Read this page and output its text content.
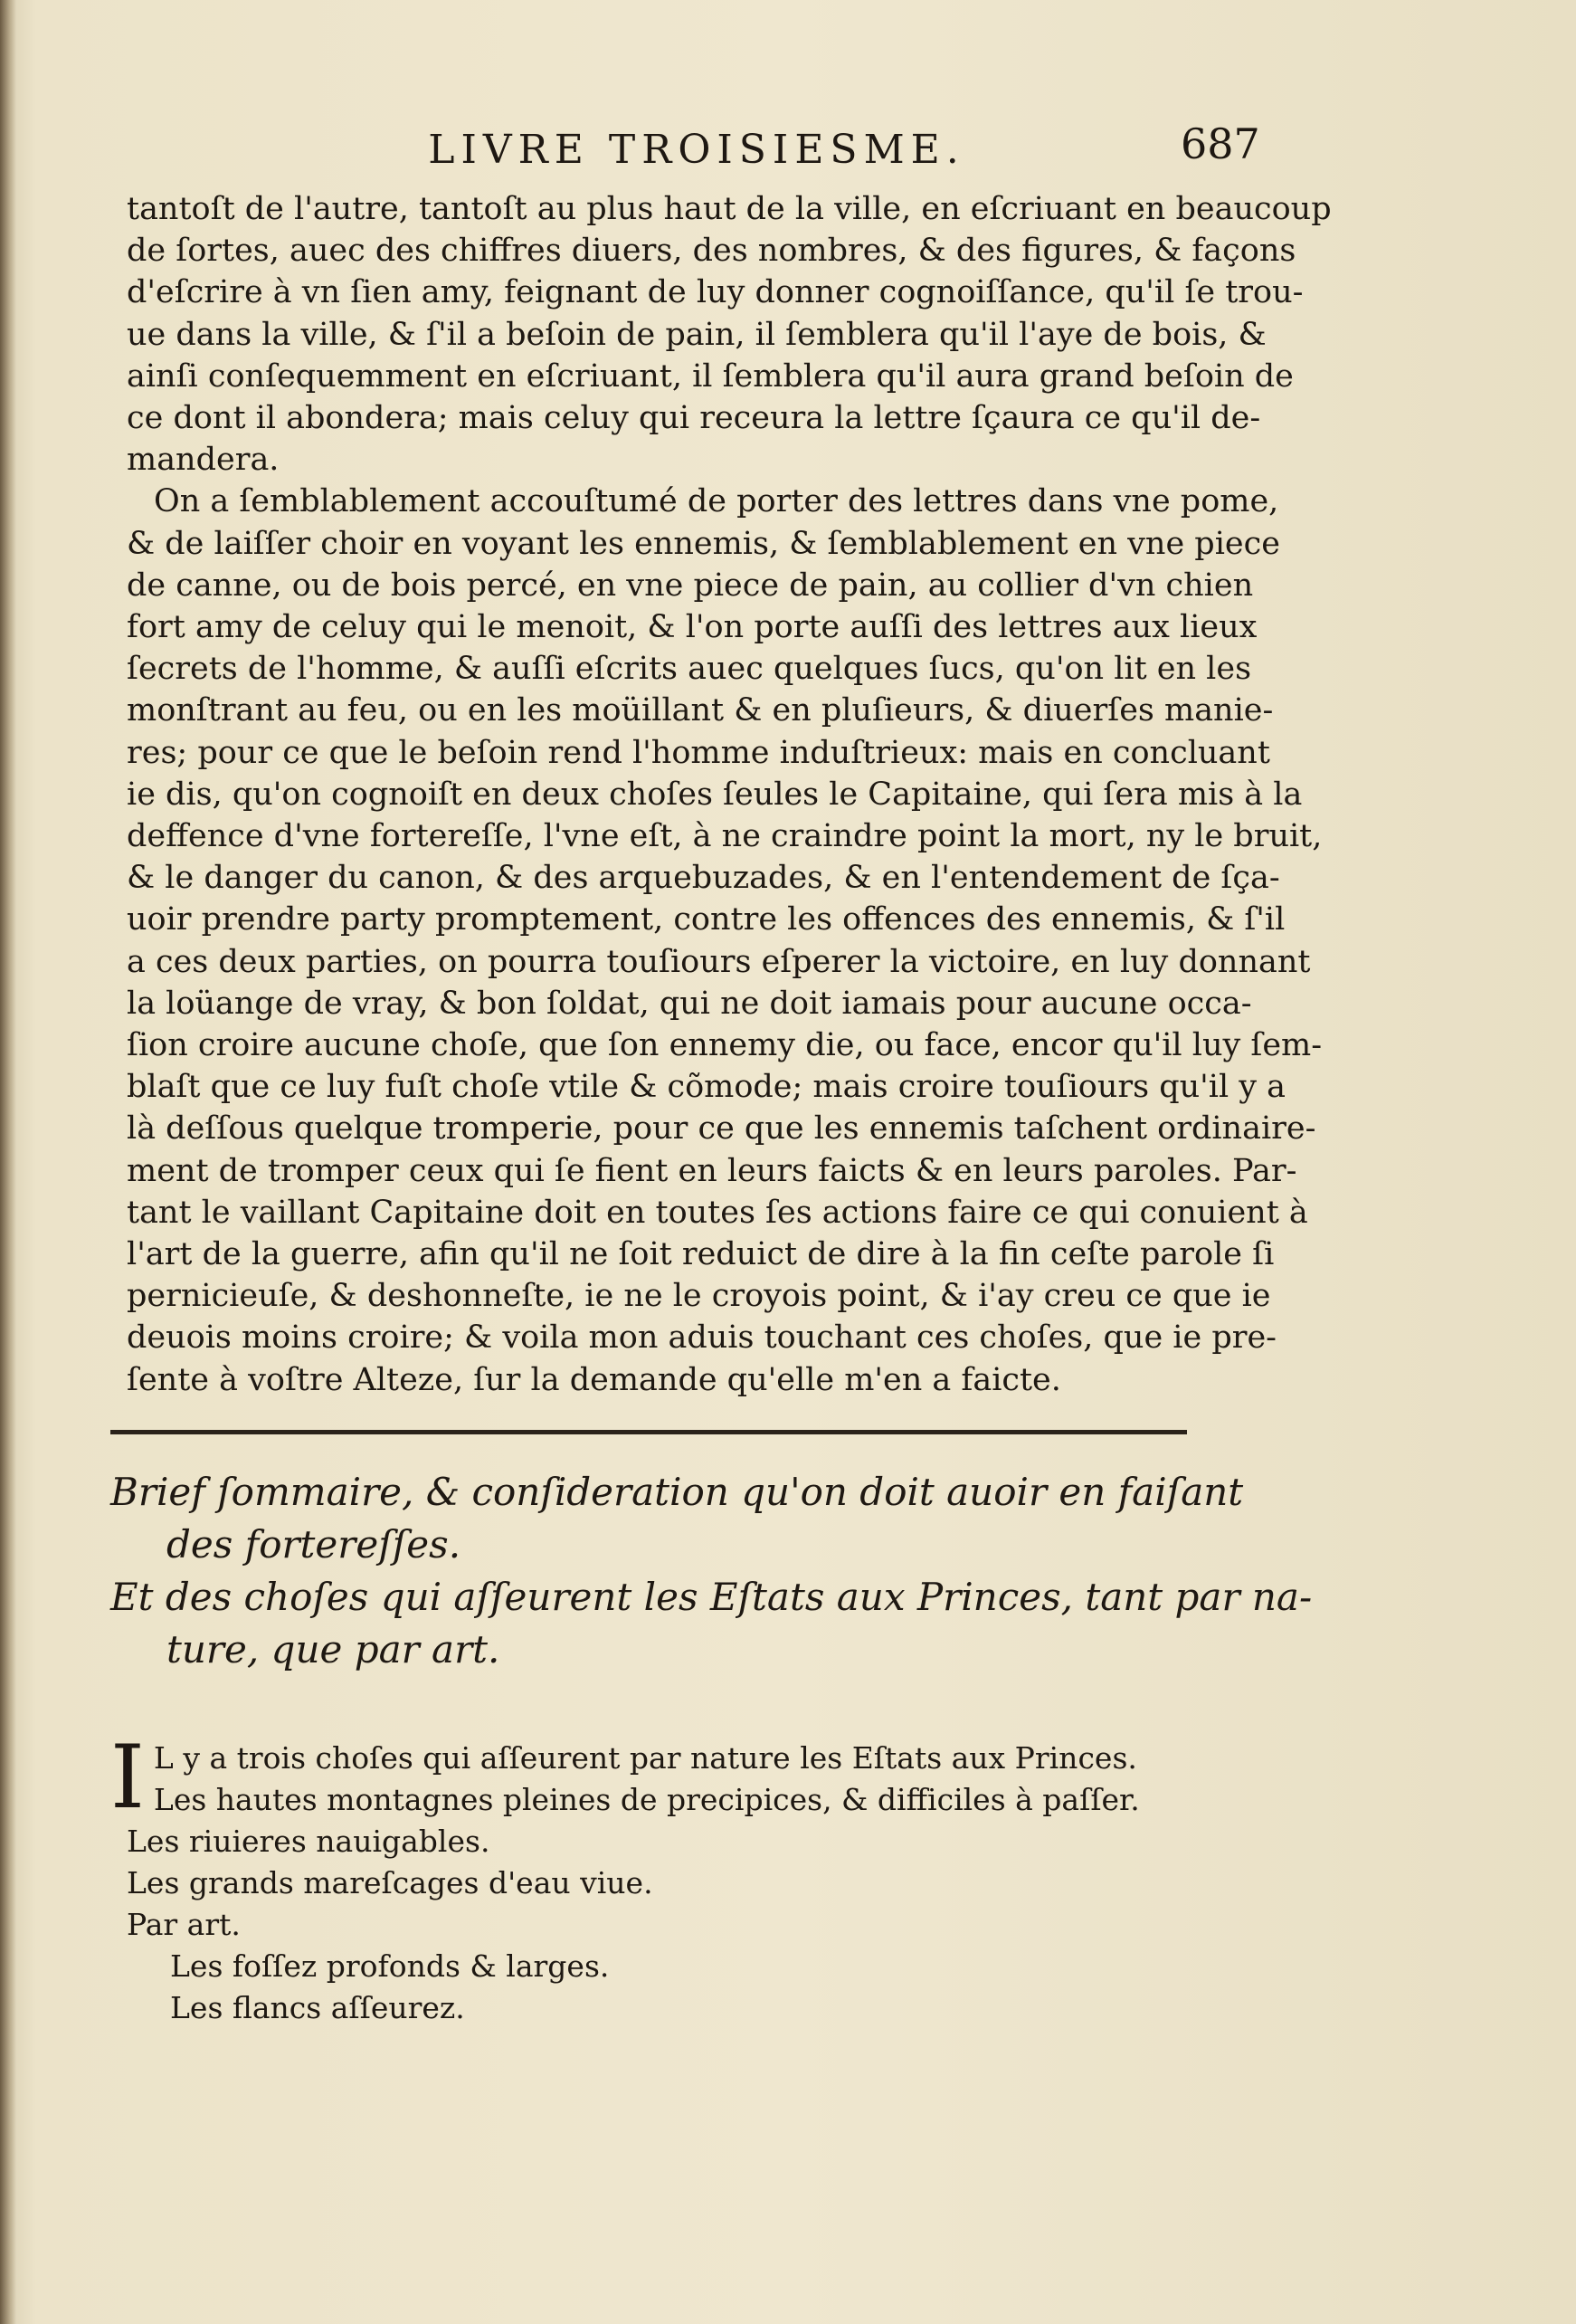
LIVRE TROISIESME.	687
tantoſt de l'autre, tantoſt au plus haut de la ville, en eſcriuant en beaucoup
de ſortes, auec des chiffres diuers, des nombres, & des figures, & façons
d'eſcrire à vn ſien amy, feignant de luy donner cognoiſſance, qu'il ſe trou-
ue dans la ville, & ſ'il a beſoin de pain, il ſemblera qu'il l'aye de bois, &
ainſi conſequemment en eſcriuant, il ſemblera qu'il aura grand beſoin de
ce dont il abondera; mais celuy qui receura la lettre ſçaura ce qu'il de-
mandera.
On a ſemblablement accouſtumé de porter des lettres dans vne pome,
& de laiſſer choir en voyant les ennemis, & ſemblablement en vne piece
de canne, ou de bois percé, en vne piece de pain, au collier d'vn chien
fort amy de celuy qui le menoit, & l'on porte auſſi des lettres aux lieux
ſecrets de l'homme, & auſſi eſcrits auec quelques ſucs, qu'on lit en les
monſtrant au feu, ou en les moüillant & en pluſieurs, & diuerſes manie-
res; pour ce que le beſoin rend l'homme induſtrieux: mais en concluant
ie dis, qu'on cognoiſt en deux choſes ſeules le Capitaine, qui ſera mis à la
deffence d'vne fortereſſe, l'vne eſt, à ne craindre point la mort, ny le bruit,
& le danger du canon, & des arquebuzades, & en l'entendement de ſça-
uoir prendre party promptement, contre les offences des ennemis, & ſ'il
a ces deux parties, on pourra touſiours eſperer la victoire, en luy donnant
la loüange de vray, & bon ſoldat, qui ne doit iamais pour aucune occa-
ſion croire aucune choſe, que ſon ennemy die, ou face, encor qu'il luy ſem-
blaſt que ce luy fuſt choſe vtile & cõmode; mais croire touſiours qu'il y a
là deſſous quelque tromperie, pour ce que les ennemis taſchent ordinaire-
ment de tromper ceux qui ſe fient en leurs faicts & en leurs paroles. Par-
tant le vaillant Capitaine doit en toutes ſes actions faire ce qui conuient à
l'art de la guerre, afin qu'il ne ſoit reduict de dire à la fin ceſte parole ſi
pernicieuſe, & deshonneſte, ie ne le croyois point, & i'ay creu ce que ie
deuois moins croire; & voila mon aduis touchant ces choſes, que ie pre-
ſente à voſtre Alteze, ſur la demande qu'elle m'en a faicte.
Brief ſommaire, & conſideration qu'on doit auoir en faiſant
des fortereſſes.
Et des choſes qui aſſeurent les Eſtats aux Princes, tant par na-
ture, que par art.
I L y a trois choſes qui aſſeurent par nature les Eſtats aux Princes.
Les hautes montagnes pleines de precipices, & difficiles à paſſer.
Les riuieres nauigables.
Les grands mareſcages d'eau viue.
Par art.
Les foſſez profonds & larges.
Les flancs aſſeurez.
